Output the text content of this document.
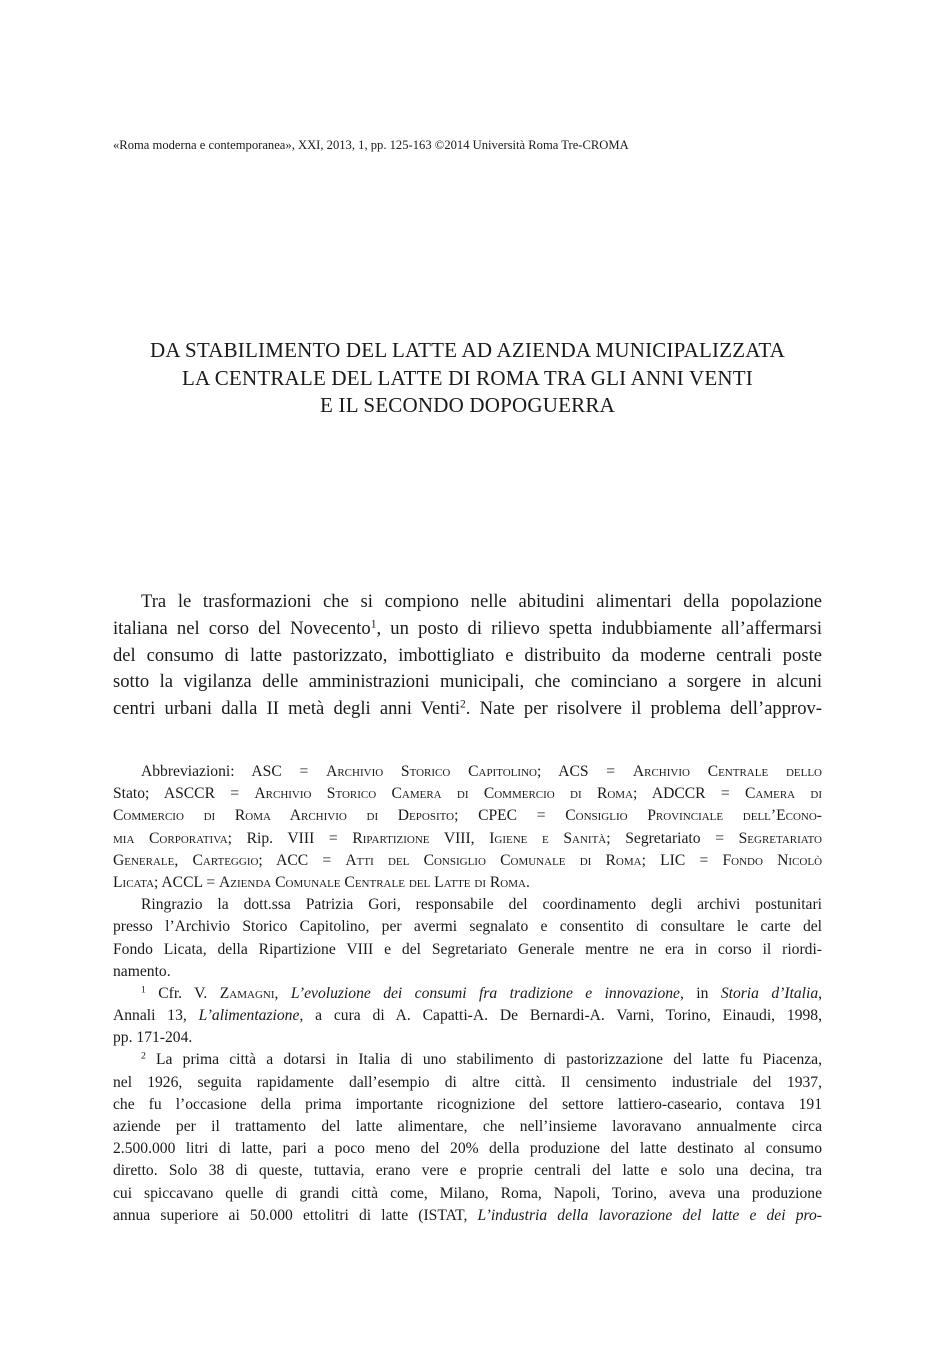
«Roma moderna e contemporanea», XXI, 2013, 1, pp. 125-163 ©2014 Università Roma Tre-CROMA
DA STABILIMENTO DEL LATTE AD AZIENDA MUNICIPALIZZATA
LA CENTRALE DEL LATTE DI ROMA TRA GLI ANNI VENTI
E IL SECONDO DOPOGUERRA
Tra le trasformazioni che si compiono nelle abitudini alimentari della popolazione
italiana nel corso del Novecento$^1$, un posto di rilievo spetta indubbiamente all’affermarsi
del consumo di latte pastorizzato, imbottigliato e distribuito da moderne centrali poste
sotto la vigilanza delle amministrazioni municipali, che cominciano a sorgere in alcuni
centri urbani dalla II metà degli anni Venti$^2$. Nate per risolvere il problema dell’approv-
Abbreviazioni: ASC = Archivio Storico Capitolino; ACS = Archivio Centrale dello
Stato; ASCCR = Archivio Storico Camera di Commercio di Roma; ADCCR = Camera di
Commercio di Roma Archivio di Deposito; CPEC = Consiglio Provinciale dell’Econo-
mia Corporativa; Rip. VIII = Ripartizione VIII, Igiene e Sanità; Segretariato = Segretariato
Generale, Carteggio; ACC = Atti del Consiglio Comunale di Roma; LIC = Fondo Nicolò
Licata; ACCL = Azienda Comunale Centrale del Latte di Roma.
Ringrazio la dott.ssa Patrizia Gori, responsabile del coordinamento degli archivi postunitari
presso l’Archivio Storico Capitolino, per avermi segnalato e consentito di consultare le carte del
Fondo Licata, della Ripartizione VIII e del Segretariato Generale mentre ne era in corso il riordi-
namento.
$^1$ Cfr. V. Zamagni, L’evoluzione dei consumi fra tradizione e innovazione, in Storia d’Italia,
Annali 13, L’alimentazione, a cura di A. Capatti-A. De Bernardi-A. Varni, Torino, Einaudi, 1998,
pp. 171-204.
$^2$ La prima città a dotarsi in Italia di uno stabilimento di pastorizzazione del latte fu Piacenza,
nel 1926, seguita rapidamente dall’esempio di altre città. Il censimento industriale del 1937,
che fu l’occasione della prima importante ricognizione del settore lattiero-caseario, contava 191
aziende per il trattamento del latte alimentare, che nell’insieme lavoravano annualmente circa
2.500.000 litri di latte, pari a poco meno del 20% della produzione del latte destinato al consumo
diretto. Solo 38 di queste, tuttavia, erano vere e proprie centrali del latte e solo una decina, tra
cui spiccavano quelle di grandi città come, Milano, Roma, Napoli, Torino, aveva una produzione
annua superiore ai 50.000 ettolitri di latte (ISTAT, L’industria della lavorazione del latte e dei pro-
